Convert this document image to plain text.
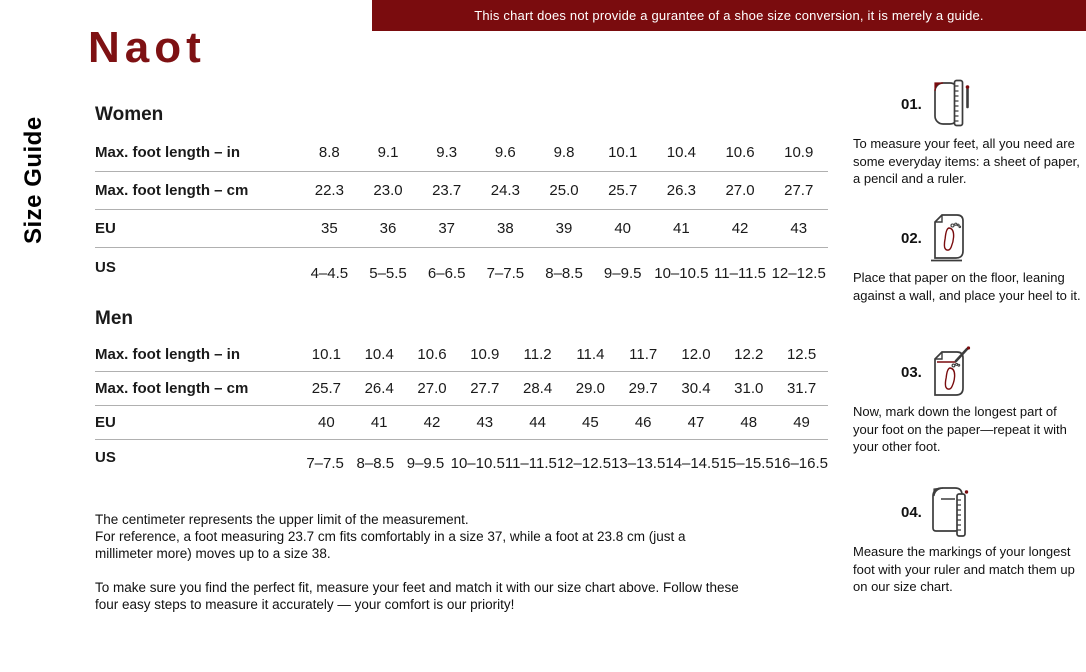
This chart does not provide a gurantee of a shoe size conversion, it is merely a guide.
Naot
Size Guide
Women
Max. foot length – in	8.8	9.1	9.3	9.6	9.8	10.1	10.4	10.6	10.9
Max. foot length – cm	22.3	23.0	23.7	24.3	25.0	25.7	26.3	27.0	27.7
EU	35	36	37	38	39	40	41	42	43
US	4–4.5	5–5.5	6–6.5	7–7.5	8–8.5	9–9.5 10–10.5 11–11.5 12–12.5
Men
Max. foot length – in	10.1	10.4	10.6	10.9	11.2	11.4	11.7	12.0	12.2	12.5
Max. foot length – cm	25.7	26.4	27.0	27.7	28.4	29.0	29.7	30.4	31.0	31.7
EU	40	41	42	43	44	45	46	47	48	49
US	7–7.5 8–8.5 9–9.5 10–10.5 11–11.5 12–12.5 13–13.5 14–14.5 15–15.5 16–16.5
The centimeter represents the upper limit of the measurement.
For reference, a foot measuring 23.7 cm fits comfortably in a size 37, while a foot at 23.8 cm (just a millimeter more) moves up to a size 38.
To make sure you find the perfect fit, measure your feet and match it with our size chart above. Follow these four easy steps to measure it accurately — your comfort is our priority!
01.

To measure your feet, all you need are some everyday items: a sheet of paper, a pencil and a ruler.

02.

Place that paper on the floor, leaning against a wall, and place your heel to it.

03.

Now, mark down the longest part of your foot on the paper—repeat it with your other foot.

04.

Measure the markings of your longest foot with your ruler and match them up on our size chart.
